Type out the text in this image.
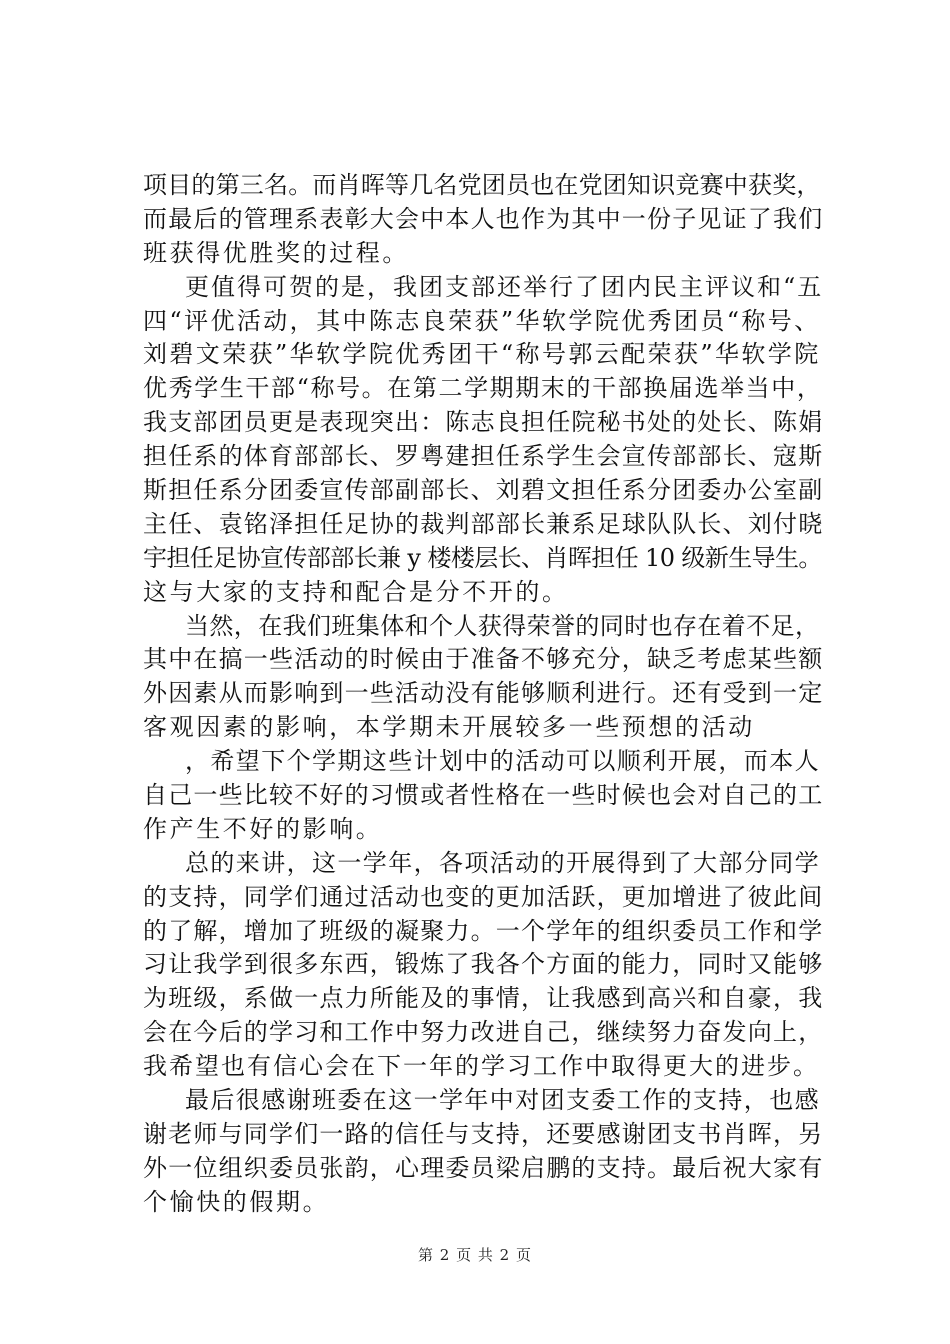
项目的第三名。而肖晖等几名党团员也在党团知识竞赛中获奖，
而最后的管理系表彰大会中本人也作为其中一份子见证了我们
班获得优胜奖的过程。
更值得可贺的是，我团支部还举行了团内民主评议和“五
四“评优活动，其中陈志良荣获”华软学院优秀团员“称号、
刘碧文荣获”华软学院优秀团干“称号郭云配荣获”华软学院
优秀学生干部“称号。在第二学期期末的干部换届选举当中，
我支部团员更是表现突出：陈志良担任院秘书处的处长、陈娟
担任系的体育部部长、罗粤建担任系学生会宣传部部长、寇斯
斯担任系分团委宣传部副部长、刘碧文担任系分团委办公室副
主任、袁铭泽担任足协的裁判部部长兼系足球队队长、刘付晓
宇担任足协宣传部部长兼 y 楼楼层长、肖晖担任 10 级新生导生。
这与大家的支持和配合是分不开的。
当然，在我们班集体和个人获得荣誉的同时也存在着不足，
其中在搞一些活动的时候由于准备不够充分，缺乏考虑某些额
外因素从而影响到一些活动没有能够顺利进行。还有受到一定
客观因素的影响，本学期未开展较多一些预想的活动
，希望下个学期这些计划中的活动可以顺利开展，而本人
自己一些比较不好的习惯或者性格在一些时候也会对自己的工
作产生不好的影响。
总的来讲，这一学年，各项活动的开展得到了大部分同学
的支持，同学们通过活动也变的更加活跃，更加增进了彼此间
的了解，增加了班级的凝聚力。一个学年的组织委员工作和学
习让我学到很多东西，锻炼了我各个方面的能力，同时又能够
为班级，系做一点力所能及的事情，让我感到高兴和自豪，我
会在今后的学习和工作中努力改进自己，继续努力奋发向上，
我希望也有信心会在下一年的学习工作中取得更大的进步。
最后很感谢班委在这一学年中对团支委工作的支持，也感
谢老师与同学们一路的信任与支持，还要感谢团支书肖晖，另
外一位组织委员张韵，心理委员梁启鹏的支持。最后祝大家有
个愉快的假期。
第 2 页 共 2 页
